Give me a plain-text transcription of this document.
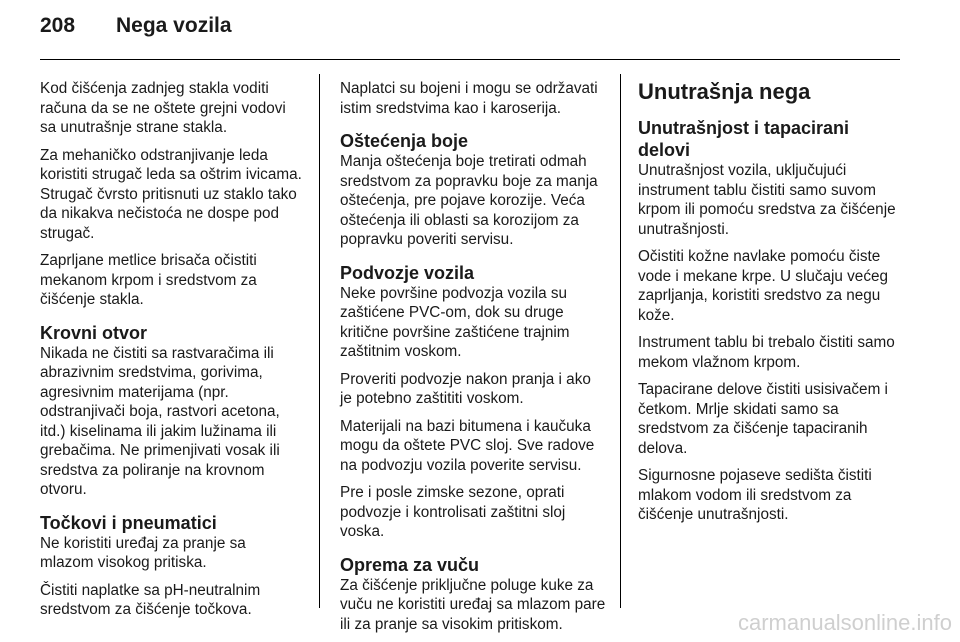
208 Nega vozila

Kod čišćenja zadnjeg stakla voditi računa da se ne oštete grejni vodovi sa unutrašnje strane stakla.

Za mehaničko odstranjivanje leda koristiti strugač leda sa oštrim ivicama. Strugač čvrsto pritisnuti uz staklo tako da nikakva nečistoća ne dospe pod strugač.

Zaprljane metlice brisača očistiti mekanom krpom i sredstvom za čišćenje stakla.

Krovni otvor

Nikada ne čistiti sa rastvaračima ili abrazivnim sredstvima, gorivima, agresivnim materijama (npr. odstranjivači boja, rastvori acetona, itd.) kiselinama ili jakim lužinama ili grebačima. Ne primenjivati vosak ili sredstva za poliranje na krovnom otvoru.

Točkovi i pneumatici

Ne koristiti uređaj za pranje sa mlazom visokog pritiska.

Čistiti naplatke sa pH-neutralnim sredstvom za čišćenje točkova.

Naplatci su bojeni i mogu se održavati istim sredstvima kao i karoserija.

Oštećenja boje

Manja oštećenja boje tretirati odmah sredstvom za popravku boje za manja oštećenja, pre pojave korozije. Veća oštećenja ili oblasti sa korozijom za popravku poveriti servisu.

Podvozje vozila

Neke površine podvozja vozila su zaštićene PVC-om, dok su druge kritične površine zaštićene trajnim zaštitnim voskom.

Proveriti podvozje nakon pranja i ako je potebno zaštititi voskom.

Materijali na bazi bitumena i kaučuka mogu da oštete PVC sloj. Sve radove na podvozju vozila poverite servisu.

Pre i posle zimske sezone, oprati podvozje i kontrolisati zaštitni sloj voska.

Oprema za vuču

Za čišćenje priključne poluge kuke za vuču ne koristiti uređaj sa mlazom pare ili za pranje sa visokim pritiskom.

Unutrašnja nega
Unutrašnjost i tapacirani delovi

Unutrašnjost vozila, uključujući instrument tablu čistiti samo suvom krpom ili pomoću sredstva za čišćenje unutrašnjosti.

Očistiti kožne navlake pomoću čiste vode i mekane krpe. U slučaju većeg zaprljanja, koristiti sredstvo za negu kože.

Instrument tablu bi trebalo čistiti samo mekom vlažnom krpom.

Tapacirane delove čistiti usisivačem i četkom. Mrlje skidati samo sa sredstvom za čišćenje tapaciranih delova.

Sigurnosne pojaseve sedišta čistiti mlakom vodom ili sredstvom za čišćenje unutrašnjosti.

carmanualsonline.info
